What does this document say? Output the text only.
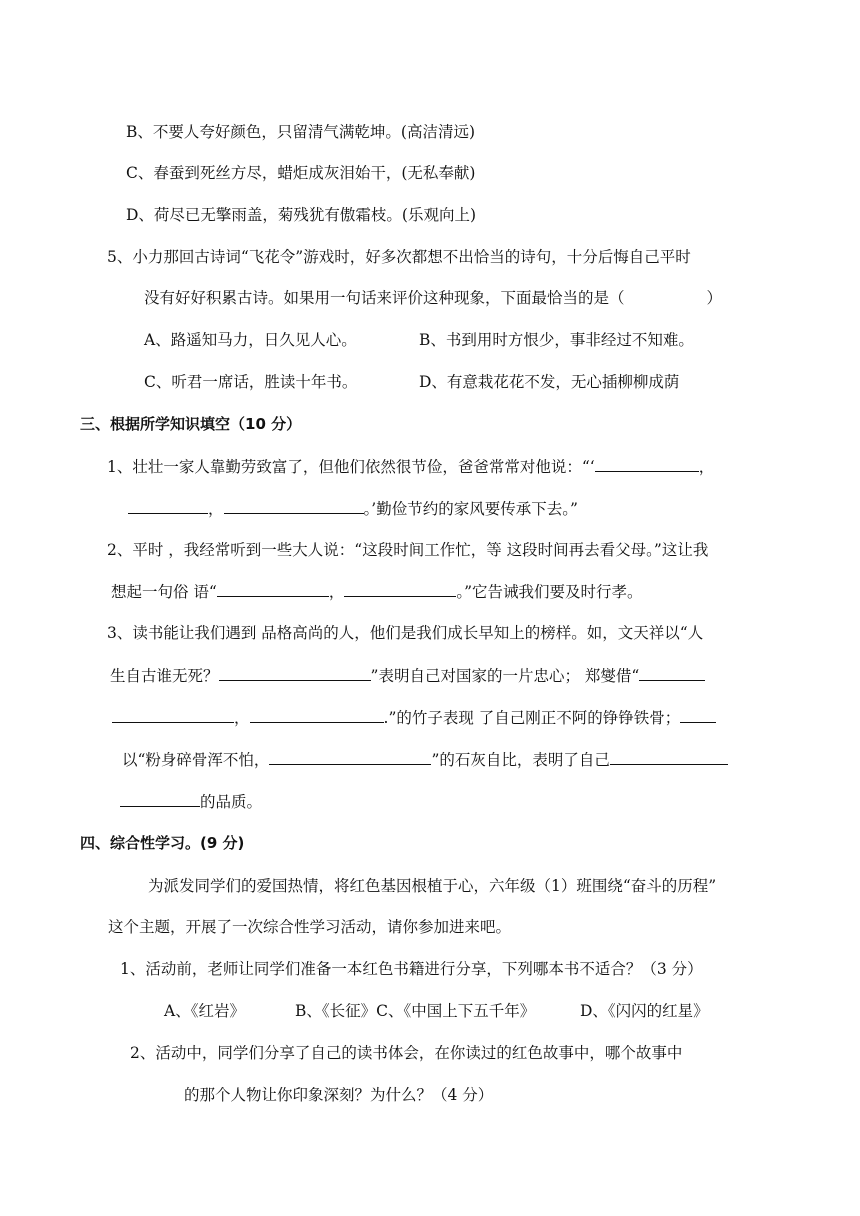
B、不要人夸好颜色，只留清气满乾坤。(高洁清远)
C、春蚕到死丝方尽，蜡炬成灰泪始干，(无私奉献)
D、荷尽已无擎雨盖，菊残犹有傲霜枝。(乐观向上)
5、小力那回古诗词“飞花令”游戏时，好多次都想不出恰当的诗句，十分后悔自己平时
没有好好积累古诗。如果用一句话来评价这种现象，下面最恰当的是（	）
A、路遥知马力，日久见人心。	B、书到用时方恨少，事非经过不知难。
C、听君一席话，胜读十年书。	D、有意栽花花不发，无心插柳柳成荫
三、根据所学知识填空（10 分）
1、壮壮一家人靠勤劳致富了，但他们依然很节俭，爸爸常常对他说：“‘	，
，	。’勤俭节约的家风要传承下去。”
2、平时 ，我经常听到一些大人说：“这段时间工作忙，等 这段时间再去看父母。”这让我
想起一句俗 语“	，	。”它告诫我们要及时行孝。
3、读书能让我们遇到 品格高尚的人，他们是我们成长早知上的榜样。如，文天祥以“人
生自古谁无死？	”表明自己对国家的一片忠心； 郑燮借“
，	.”的竹子表现 了自己刚正不阿的铮铮铁骨；
以“粉身碎骨浑不怕，	”的石灰自比，表明了自己
的品质。
四、综合性学习。(9 分)
为派发同学们的爱国热情，将红色基因根植于心，六年级（1）班围绕“奋斗的历程”
这个主题，开展了一次综合性学习活动，请你参加进来吧。
1、活动前，老师让同学们准备一本红色书籍进行分享，下列哪本书不适合？（3 分）
A、《红岩》	B、《长征》C、《中国上下五千年》	D、《闪闪的红星》
2、活动中，同学们分享了自己的读书体会，在你读过的红色故事中，哪个故事中
的那个人物让你印象深刻？为什么？（4 分）
